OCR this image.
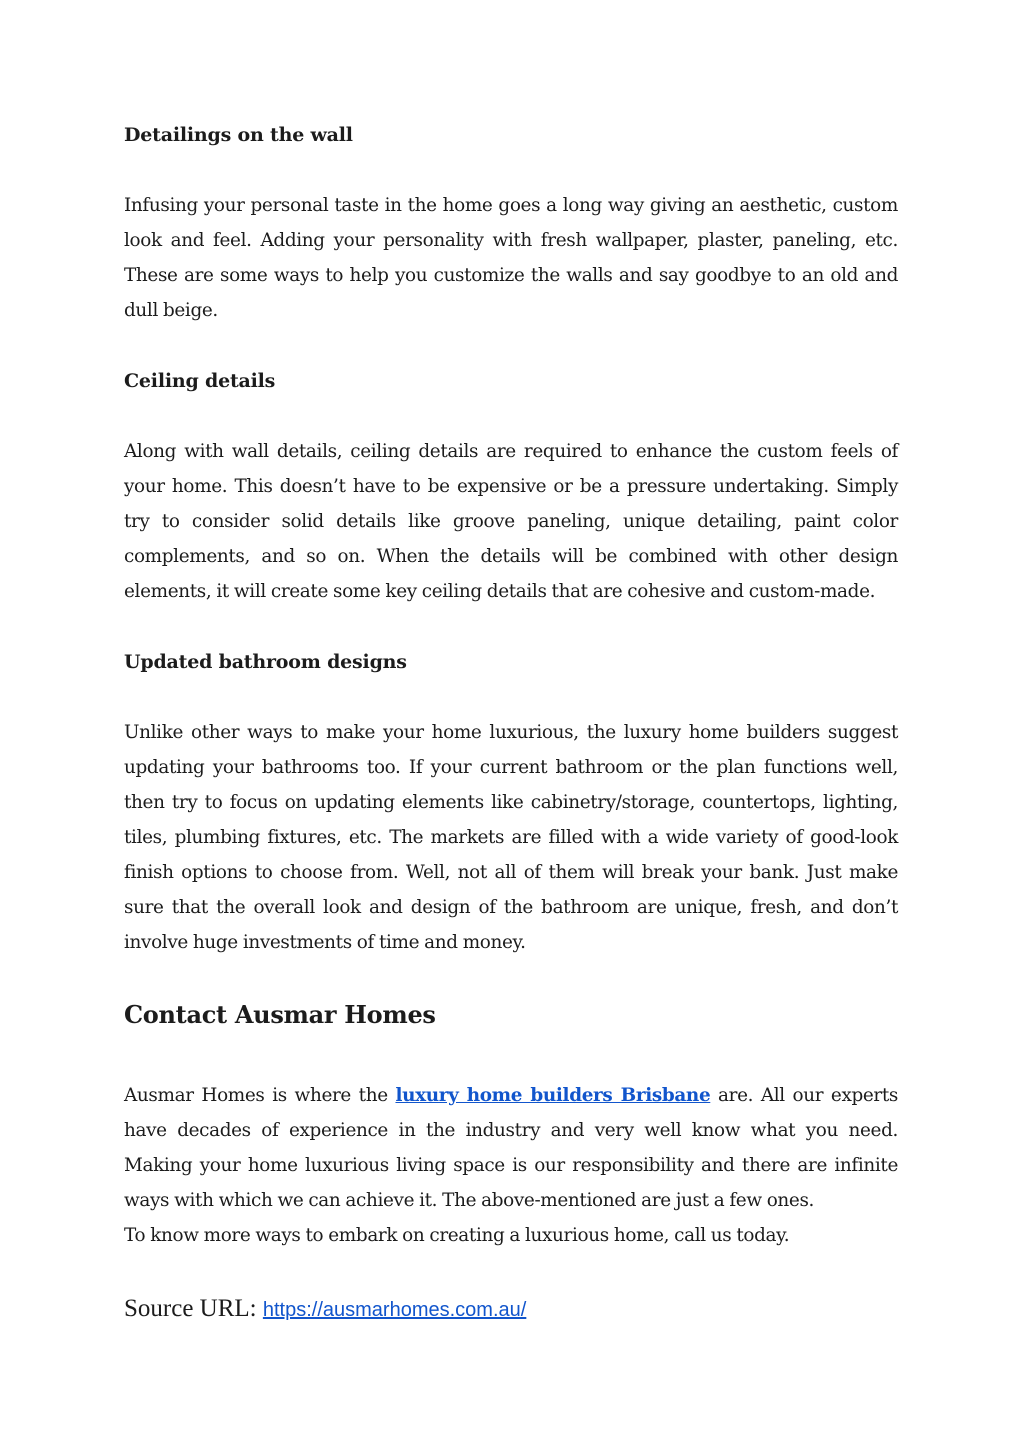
Detailings on the wall

Infusing your personal taste in the home goes a long way giving an aesthetic, custom look and feel. Adding your personality with fresh wallpaper, plaster, paneling, etc. These are some ways to help you customize the walls and say goodbye to an old and dull beige.

Ceiling details

Along with wall details, ceiling details are required to enhance the custom feels of your home. This doesn’t have to be expensive or be a pressure undertaking. Simply try to consider solid details like groove paneling, unique detailing, paint color complements, and so on. When the details will be combined with other design elements, it will create some key ceiling details that are cohesive and custom-made.

Updated bathroom designs

Unlike other ways to make your home luxurious, the luxury home builders suggest updating your bathrooms too. If your current bathroom or the plan functions well, then try to focus on updating elements like cabinetry/storage, countertops, lighting, tiles, plumbing fixtures, etc. The markets are filled with a wide variety of good-look finish options to choose from. Well, not all of them will break your bank. Just make sure that the overall look and design of the bathroom are unique, fresh, and don’t involve huge investments of time and money.

Contact Ausmar Homes

Ausmar Homes is where the luxury home builders Brisbane are. All our experts have decades of experience in the industry and very well know what you need. Making your home luxurious living space is our responsibility and there are infinite ways with which we can achieve it. The above-mentioned are just a few ones.

To know more ways to embark on creating a luxurious home, call us today.

Source URL: https://ausmarhomes.com.au/
